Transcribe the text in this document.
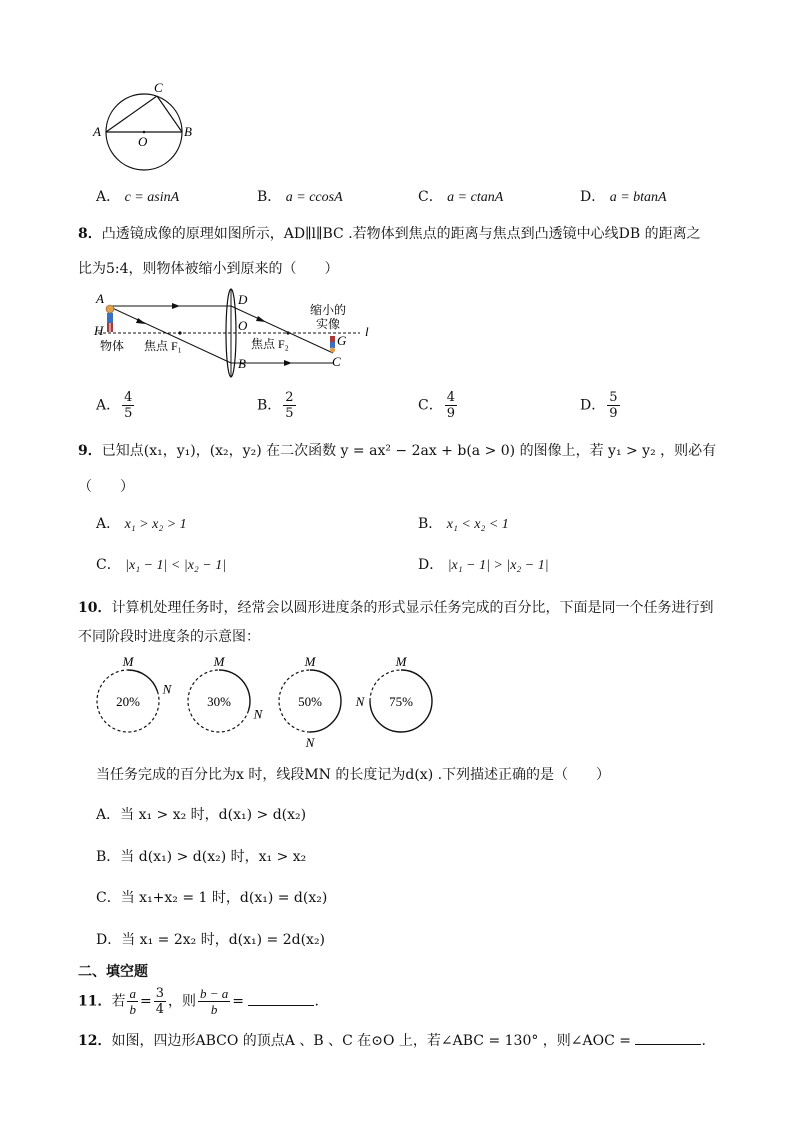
C
A	B
O
A． c = asinA	B． a = ccosA	C． a = ctanA	D． a = btanA
8．凸透镜成像的原理如图所示，AD∥l∥BC .若物体到焦点的距离与焦点到凸透镜中心线DB 的距离之
比为5:4，则物体被缩小到原来的（　　）
A
H
D
O
B	C
G
l
物体 焦点 F₁	焦点 F₂
缩小的
实像
A． $\frac{4}{5}$	B． $\frac{2}{5}$	C． $\frac{4}{9}$	D． $\frac{5}{9}$
9．已知点(x₁，y₁)，(x₂，y₂) 在二次函数 y = ax² − 2ax + b(a > 0) 的图像上，若 y₁ > y₂ ，则必有
（　　）
A． x₁ > x₂ > 1	B． x₁ < x₂ < 1
C． |x₁ − 1| < |x₂ − 1|	D． |x₁ − 1| > |x₂ − 1|
10．计算机处理任务时，经常会以圆形进度条的形式显示任务完成的百分比，下面是同一个任务进行到
不同阶段时进度条的示意图：
20%
M
N
30%
M
N
50%
M
N
75%
M
N
当任务完成的百分比为x 时，线段MN 的长度记为d(x) .下列描述正确的是（　　）
A．当 x₁ > x₂ 时，d(x₁) > d(x₂)
B．当 d(x₁) > d(x₂) 时，x₁ > x₂
C．当 x₁+x₂ = 1 时，d(x₁) = d(x₂)
D．当 x₁ = 2x₂ 时，d(x₁) = 2d(x₂)
二、填空题
11．若 $\frac{a}{b} = \frac{3}{4}$ ，则 $\frac{b - a}{b}$ =	.
12．如图，四边形ABCO 的顶点A 、B 、C 在⊙O 上，若∠ABC = 130° ，则∠AOC =	.
